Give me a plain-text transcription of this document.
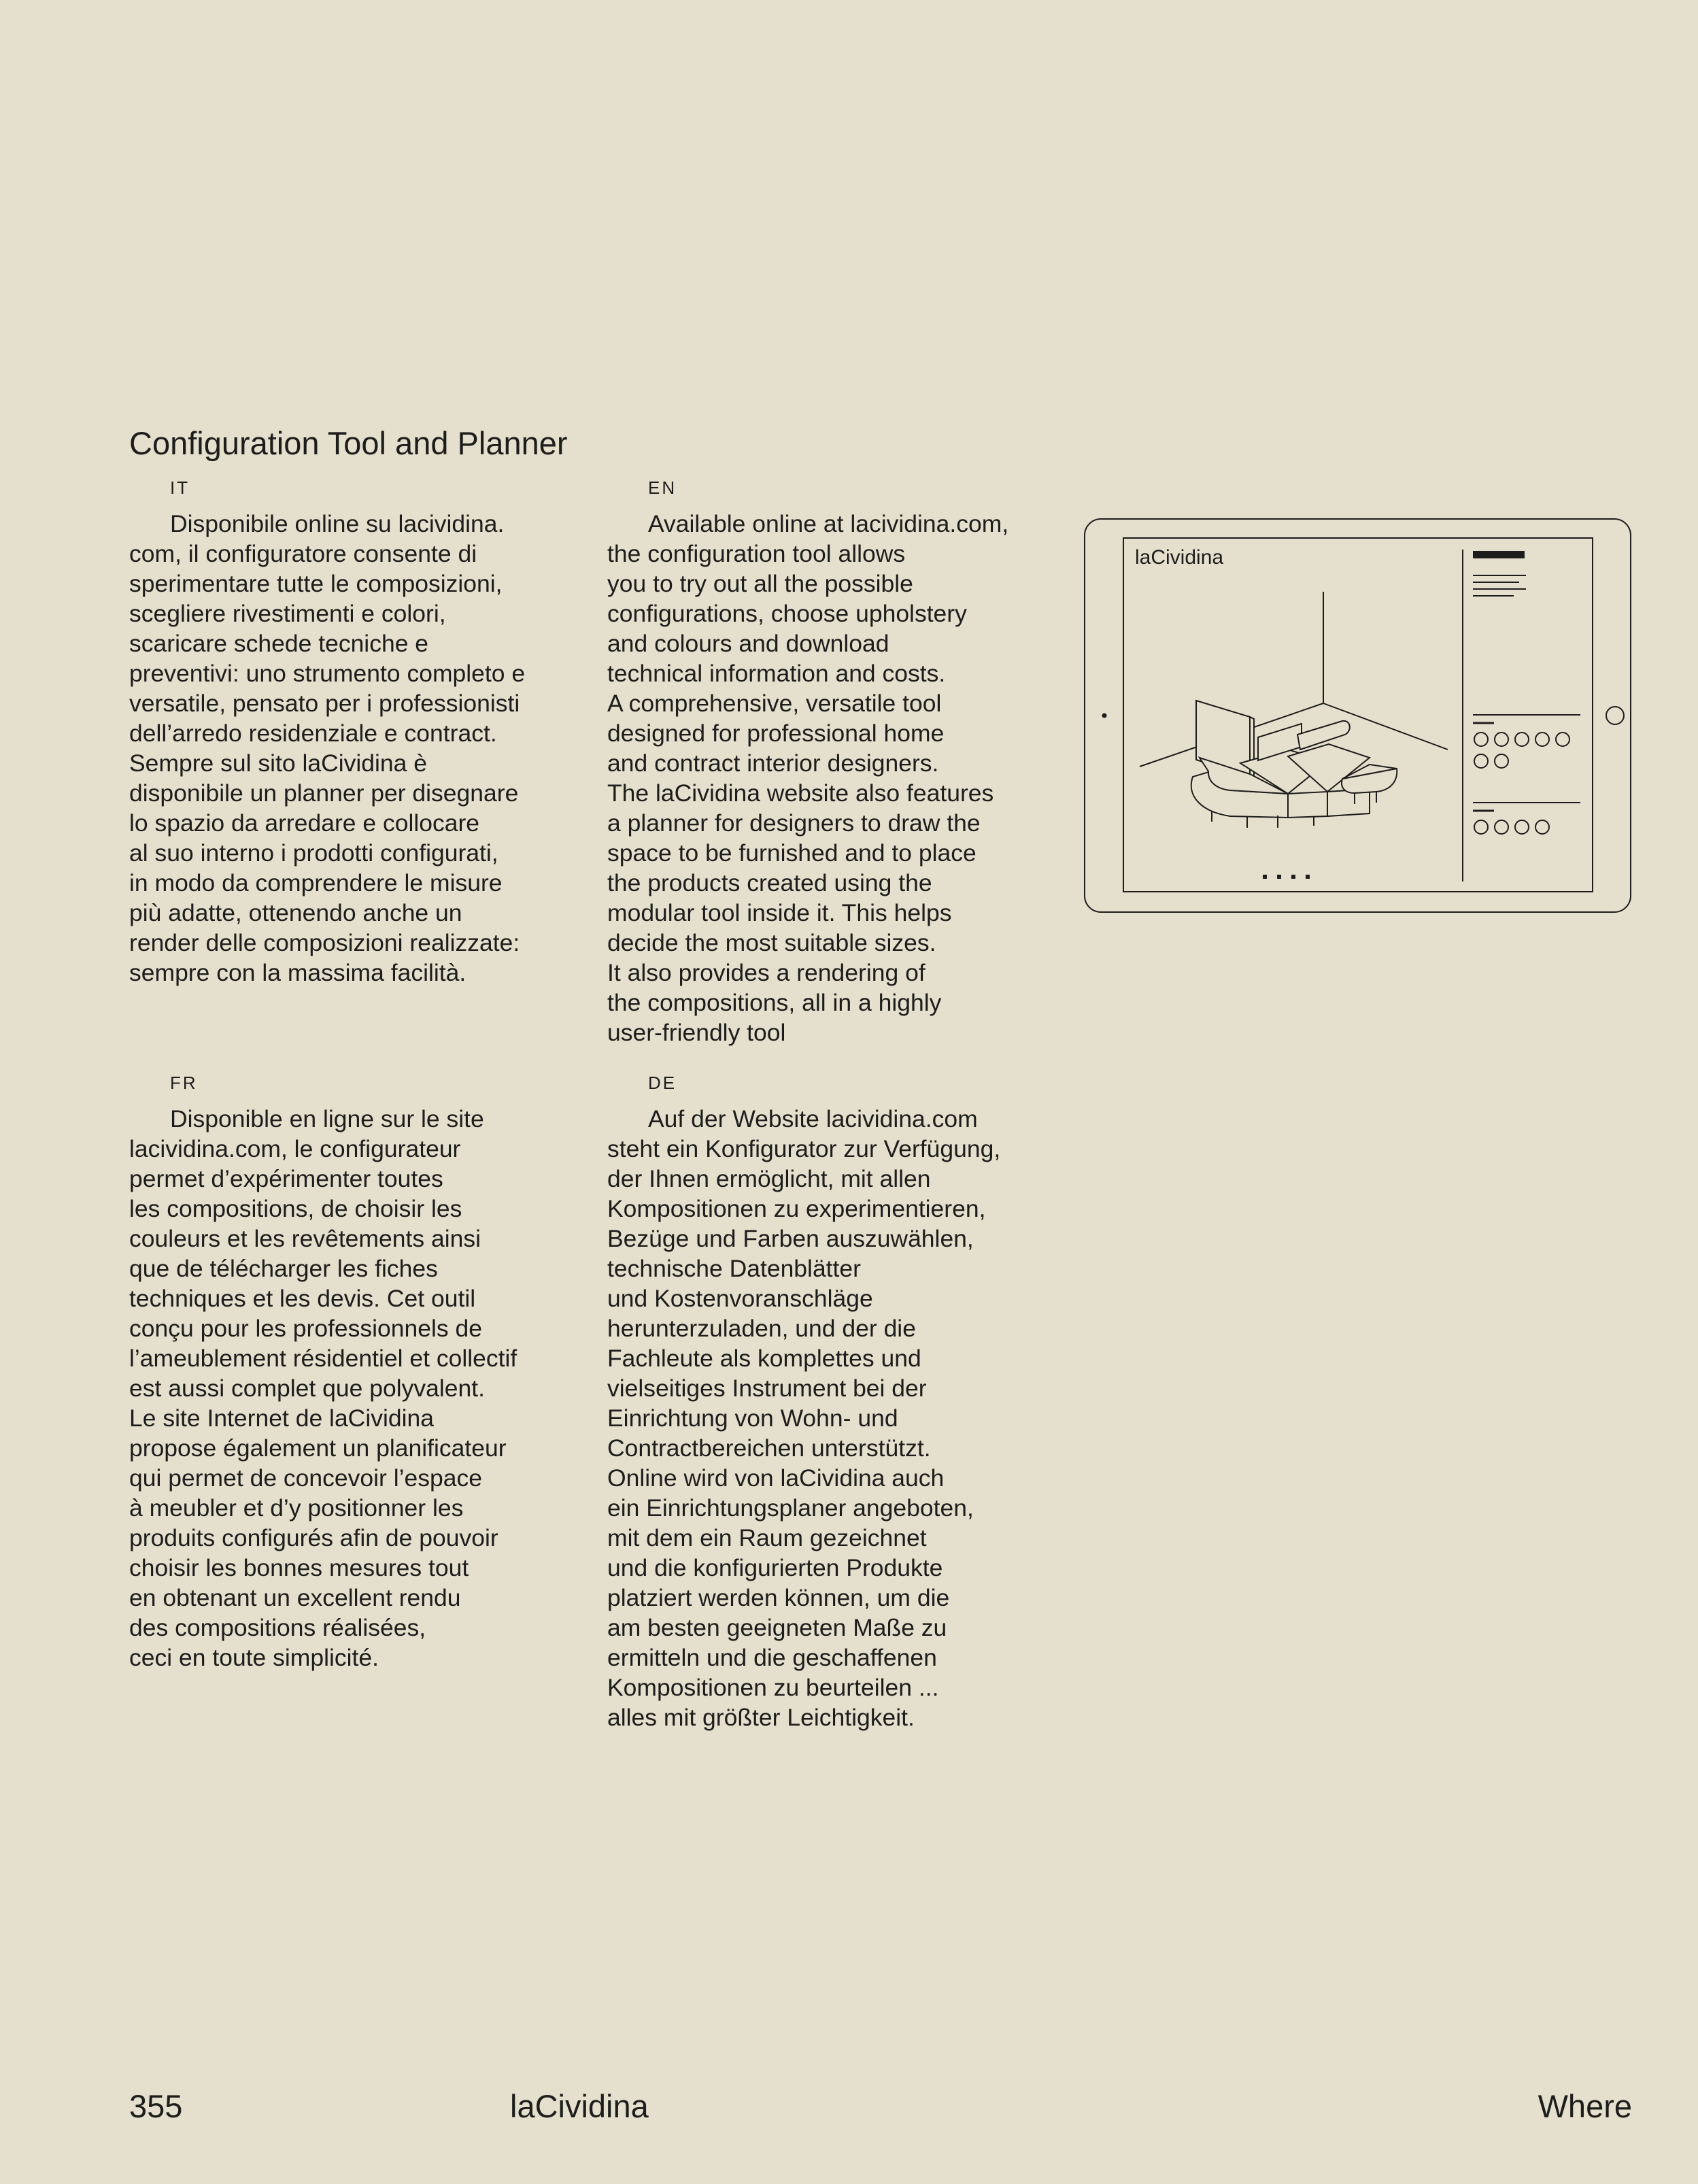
Configuration Tool and Planner

IT

Disponibile online su lacividina.
com, il configuratore consente di
sperimentare tutte le composizioni,
scegliere rivestimenti e colori,
scaricare schede tecniche e
preventivi: uno strumento completo e
versatile, pensato per i professionisti
dell’arredo residenziale e contract.
Sempre sul sito laCividina è
disponibile un planner per disegnare
lo spazio da arredare e collocare
al suo interno i prodotti configurati,
in modo da comprendere le misure
più adatte, ottenendo anche un
render delle composizioni realizzate:
sempre con la massima facilità.

EN

Available online at lacividina.com,
the configuration tool allows
you to try out all the possible
configurations, choose upholstery
and colours and download
technical information and costs.
A comprehensive, versatile tool
designed for professional home
and contract interior designers.
The laCividina website also features
a planner for designers to draw the
space to be furnished and to place
the products created using the
modular tool inside it. This helps
decide the most suitable sizes.
It also provides a rendering of
the compositions, all in a highly
user-friendly tool

FR

Disponible en ligne sur le site
lacividina.com, le configurateur
permet d’expérimenter toutes
les compositions, de choisir les
couleurs et les revêtements ainsi
que de télécharger les fiches
techniques et les devis. Cet outil
conçu pour les professionnels de
l’ameublement résidentiel et collectif
est aussi complet que polyvalent.
Le site Internet de laCividina
propose également un planificateur
qui permet de concevoir l’espace
à meubler et d’y positionner les
produits configurés afin de pouvoir
choisir les bonnes mesures tout
en obtenant un excellent rendu
des compositions réalisées,
ceci en toute simplicité.

DE

Auf der Website lacividina.com
steht ein Konfigurator zur Verfügung,
der Ihnen ermöglicht, mit allen
Kompositionen zu experimentieren,
Bezüge und Farben auszuwählen,
technische Datenblätter
und Kostenvoranschläge
herunterzuladen, und der die
Fachleute als komplettes und
vielseitiges Instrument bei der
Einrichtung von Wohn- und
Contractbereichen unterstützt.
Online wird von laCividina auch
ein Einrichtungsplaner angeboten,
mit dem ein Raum gezeichnet
und die konfigurierten Produkte
platziert werden können, um die
am besten geeigneten Maße zu
ermitteln und die geschaffenen
Kompositionen zu beurteilen ...
alles mit größter Leichtigkeit.

laCividina
355	laCividina	Where
